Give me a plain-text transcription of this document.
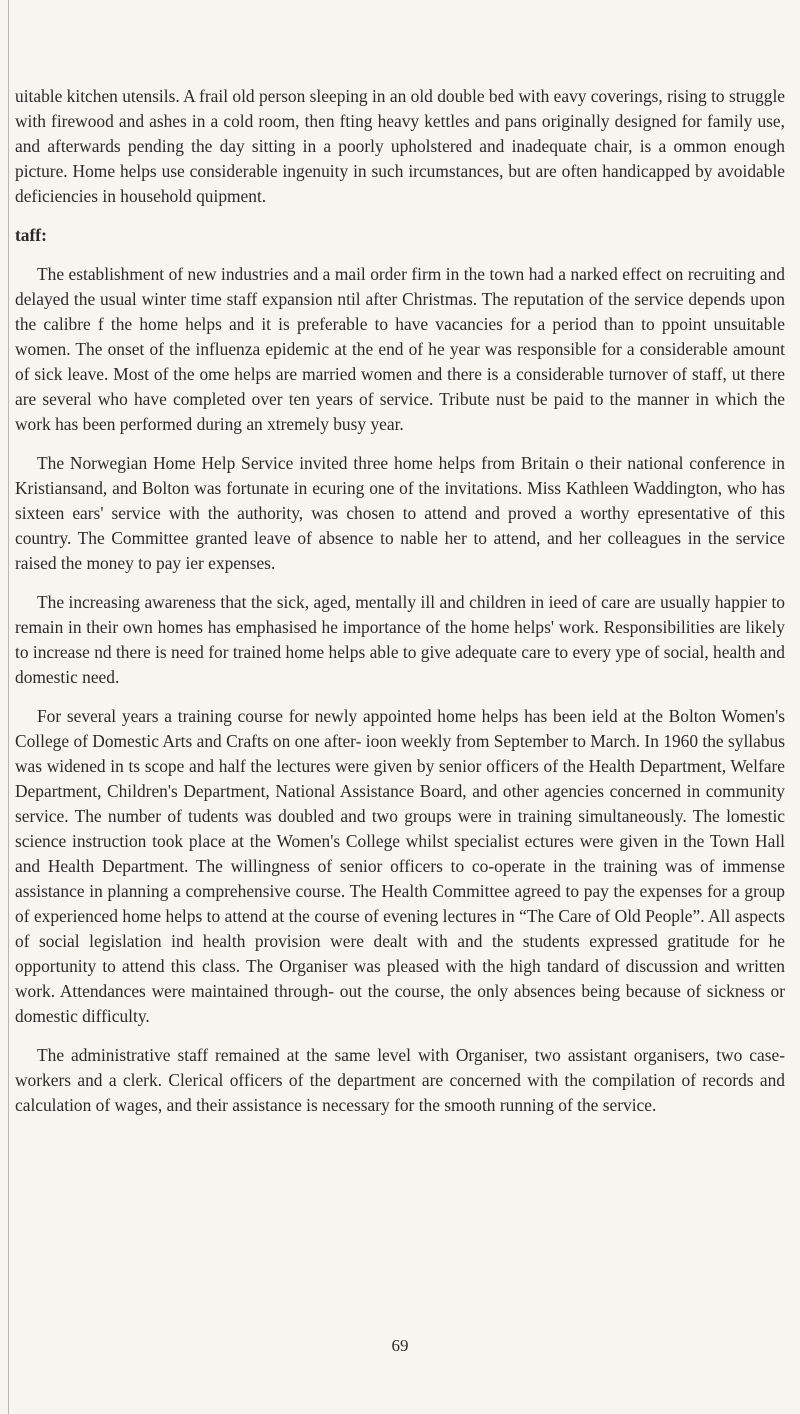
uitable kitchen utensils. A frail old person sleeping in an old double bed with eavy coverings, rising to struggle with firewood and ashes in a cold room, then fting heavy kettles and pans originally designed for family use, and afterwards pending the day sitting in a poorly upholstered and inadequate chair, is a ommon enough picture. Home helps use considerable ingenuity in such ircumstances, but are often handicapped by avoidable deficiencies in household quipment.

taff:

The establishment of new industries and a mail order firm in the town had a narked effect on recruiting and delayed the usual winter time staff expansion ntil after Christmas. The reputation of the service depends upon the calibre f the home helps and it is preferable to have vacancies for a period than to ppoint unsuitable women. The onset of the influenza epidemic at the end of he year was responsible for a considerable amount of sick leave. Most of the ome helps are married women and there is a considerable turnover of staff, ut there are several who have completed over ten years of service. Tribute nust be paid to the manner in which the work has been performed during an xtremely busy year.

The Norwegian Home Help Service invited three home helps from Britain o their national conference in Kristiansand, and Bolton was fortunate in ecuring one of the invitations. Miss Kathleen Waddington, who has sixteen ears' service with the authority, was chosen to attend and proved a worthy epresentative of this country. The Committee granted leave of absence to nable her to attend, and her colleagues in the service raised the money to pay ier expenses.

The increasing awareness that the sick, aged, mentally ill and children in ieed of care are usually happier to remain in their own homes has emphasised he importance of the home helps' work. Responsibilities are likely to increase nd there is need for trained home helps able to give adequate care to every ype of social, health and domestic need.

For several years a training course for newly appointed home helps has been ield at the Bolton Women's College of Domestic Arts and Crafts on one after- ioon weekly from September to March. In 1960 the syllabus was widened in ts scope and half the lectures were given by senior officers of the Health Department, Welfare Department, Children's Department, National Assistance Board, and other agencies concerned in community service. The number of tudents was doubled and two groups were in training simultaneously. The lomestic science instruction took place at the Women's College whilst specialist ectures were given in the Town Hall and Health Department. The willingness of senior officers to co-operate in the training was of immense assistance in planning a comprehensive course. The Health Committee agreed to pay the expenses for a group of experienced home helps to attend at the course of evening lectures in “The Care of Old People”. All aspects of social legislation ind health provision were dealt with and the students expressed gratitude for he opportunity to attend this class. The Organiser was pleased with the high tandard of discussion and written work. Attendances were maintained through- out the course, the only absences being because of sickness or domestic difficulty.

The administrative staff remained at the same level with Organiser, two assistant organisers, two case-workers and a clerk. Clerical officers of the department are concerned with the compilation of records and calculation of wages, and their assistance is necessary for the smooth running of the service.

69
